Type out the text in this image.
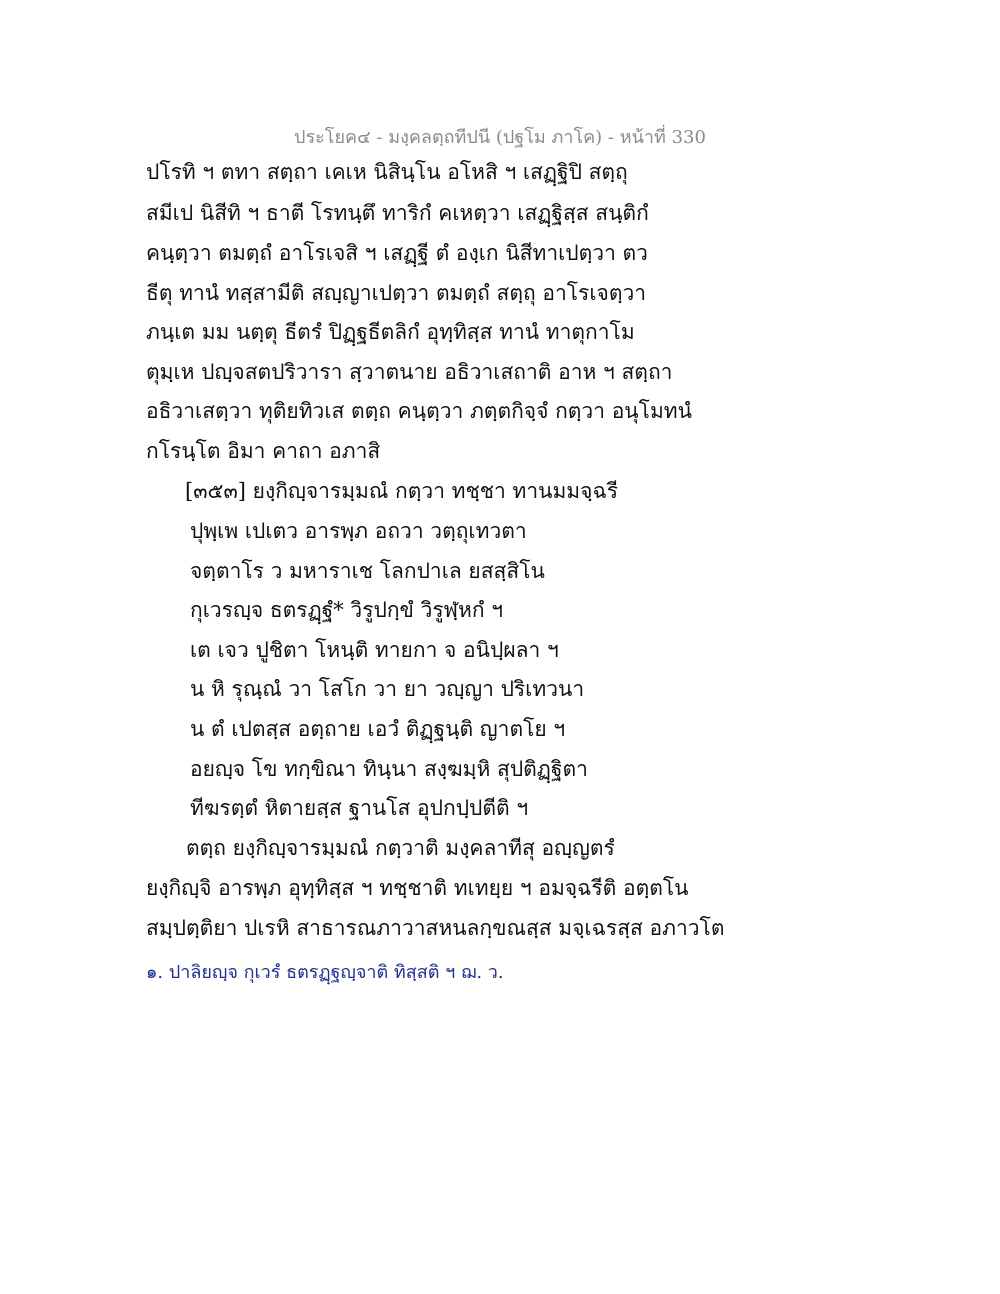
ประโยค๔ - มงฺคลตฺถทีปนี (ปฐโม ภาโค) - หน้าที่ 330
ปโรทิ ฯ ตทา สตฺถา เคเห นิสินฺโน อโหสิ ฯ เสฏฺฐิปิ สตฺถุ
สมีเป นิสีทิ ฯ ธาตี โรทนฺตึ ทาริกํ คเหตฺวา เสฏฺฐิสฺส สนฺติกํ
คนฺตฺวา ตมตฺถํ อาโรเจสิ ฯ เสฏฺฐี ตํ องฺเก นิสีทาเปตฺวา ตว
ธีตุ ทานํ ทสฺสามีติ สญฺญาเปตฺวา ตมตฺถํ สตฺถุ อาโรเจตฺวา
ภนฺเต มม นตฺตุ ธีตรํ ปิฏฺฐธีตลิกํ อุทฺทิสฺส ทานํ ทาตุกาโม
ตุมฺเห ปญฺจสตปริวารา สฺวาตนาย อธิวาเสถาติ อาห ฯ สตฺถา
อธิวาเสตฺวา ทุติยทิวเส ตตฺถ คนฺตฺวา ภตฺตกิจฺจํ กตฺวา อนุโมทนํ
กโรนฺโต อิมา คาถา อภาสิ
[๓๕๓] ยงฺกิญฺจารมฺมณํ กตฺวา ทชฺชา ทานมมจฺฉรี
ปุพฺเพ เปเตว อารพฺภ อถวา วตฺถุเทวตา
จตฺตาโร ว มหาราเช โลกปาเล ยสสฺสิโน
กุเวรญฺจ ธตรฏฺฐํ* วิรูปกฺขํ วิรูฬฺหกํ ฯ
เต เจว ปูชิตา โหนฺติ ทายกา จ อนิปฺผลา ฯ
น หิ รุณฺณํ วา โสโก วา ยา วญฺญา ปริเทวนา
น ตํ เปตสฺส อตฺถาย เอวํ ติฏฺฐนฺติ ญาตโย ฯ
อยญฺจ โข ทกฺขิณา ทินฺนา สงฺฆมฺหิ สุปติฏฺฐิตา
ทีฆรตฺตํ หิตายสฺส ฐานโส อุปกปฺปตีติ ฯ
ตตฺถ ยงฺกิญฺจารมฺมณํ กตฺวาติ มงฺคลาทีสุ อญฺญตรํ
ยงฺกิญฺจิ อารพฺภ อุทฺทิสฺส ฯ ทชฺชาติ ทเทยฺย ฯ อมจฺฉรีติ อตฺตโน
สมฺปตฺติยา ปเรหิ สาธารณภาวาสหนลกฺขณสฺส มจฺเฉรสฺส อภาวโต
๑. ปาลิยญฺจ กุเวรํ ธตรฏฺฐญฺจาติ ทิสฺสติ ฯ ฌ. ว.
